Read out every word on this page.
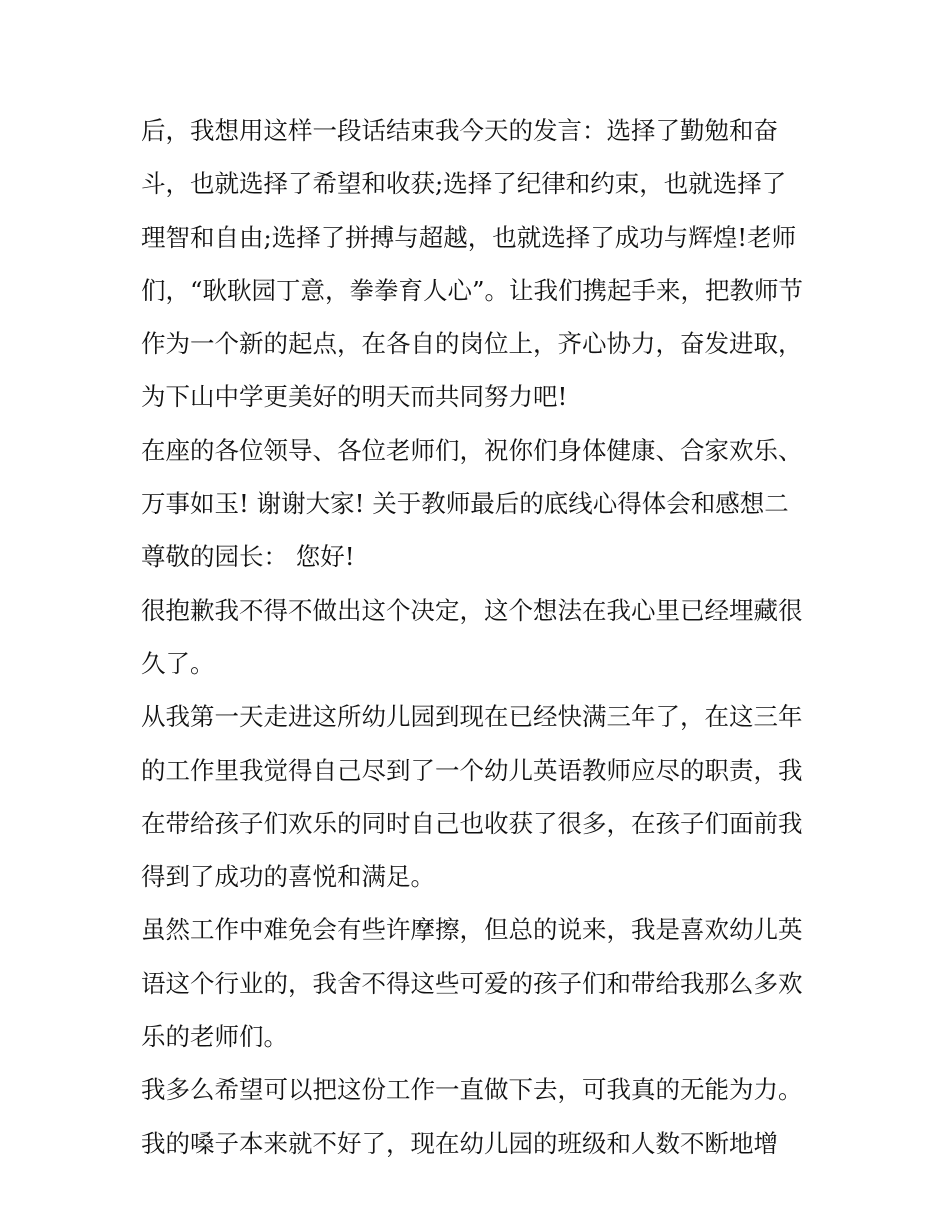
后，我想用这样一段话结束我今天的发言：选择了勤勉和奋
斗，也就选择了希望和收获;选择了纪律和约束，也就选择了
理智和自由;选择了拼搏与超越，也就选择了成功与辉煌!老师
们，“耿耿园丁意，拳拳育人心”。让我们携起手来，把教师节
作为一个新的起点，在各自的岗位上，齐心协力，奋发进取，
为下山中学更美好的明天而共同努力吧!
在座的各位领导、各位老师们，祝你们身体健康、合家欢乐、
万事如玉! 谢谢大家! 关于教师最后的底线心得体会和感想二
尊敬的园长： 您好!
很抱歉我不得不做出这个决定，这个想法在我心里已经埋藏很
久了。
从我第一天走进这所幼儿园到现在已经快满三年了，在这三年
的工作里我觉得自己尽到了一个幼儿英语教师应尽的职责，我
在带给孩子们欢乐的同时自己也收获了很多，在孩子们面前我
得到了成功的喜悦和满足。
虽然工作中难免会有些许摩擦，但总的说来，我是喜欢幼儿英
语这个行业的，我舍不得这些可爱的孩子们和带给我那么多欢
乐的老师们。
我多么希望可以把这份工作一直做下去，可我真的无能为力。
我的嗓子本来就不好了，现在幼儿园的班级和人数不断地增
